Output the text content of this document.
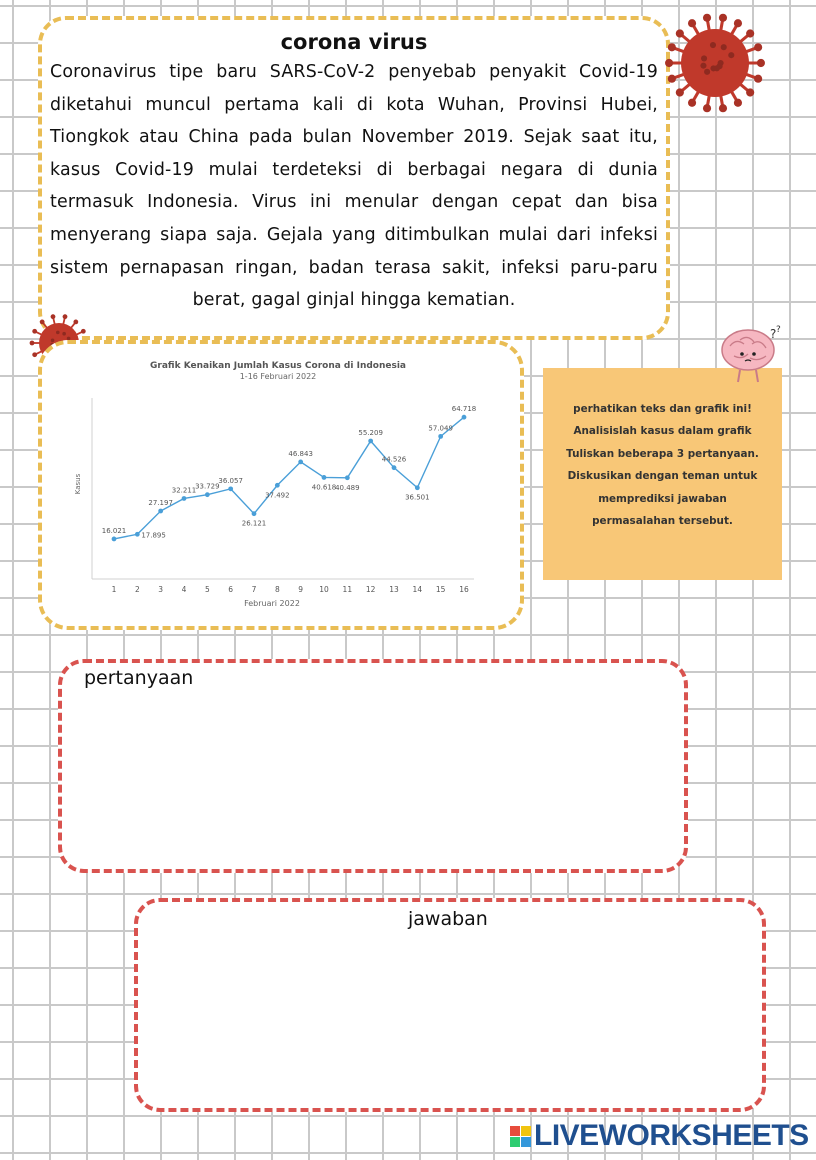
corona virus

Coronavirus tipe baru SARS-CoV-2 penyebab penyakit Covid-19 diketahui muncul pertama kali di kota Wuhan, Provinsi Hubei, Tiongkok atau China pada bulan November 2019. Sejak saat itu, kasus Covid-19 mulai terdeteksi di berbagai negara di dunia termasuk Indonesia. Virus ini menular dengan cepat dan bisa menyerang siapa saja. Gejala yang ditimbulkan mulai dari infeksi sistem pernapasan ringan, badan terasa sakit, infeksi paru-paru berat, gagal ginjal hingga kematian.

Grafik Kenaikan Jumlah Kasus Corona di Indonesia
1-16 Februari 2022
Kasus
Februari 2022
1
16.021
2
17.895
3
27.197
4
32.211
5
33.729
6
36.057
7
26.121
8
37.492
9
46.843
10
40.618
11
40.489
12
55.209
13
44.526
14
36.501
15
57.049
16
64.718	perhatikan teks dan grafik ini!
Analisislah kasus dalam grafik
Tuliskan beberapa 3 pertanyaan.
Diskusikan dengan teman untuk
memprediksi jawaban
permasalahan tersebut.
? ?
pertanyaan
jawaban
LIVEWORKSHEETS
